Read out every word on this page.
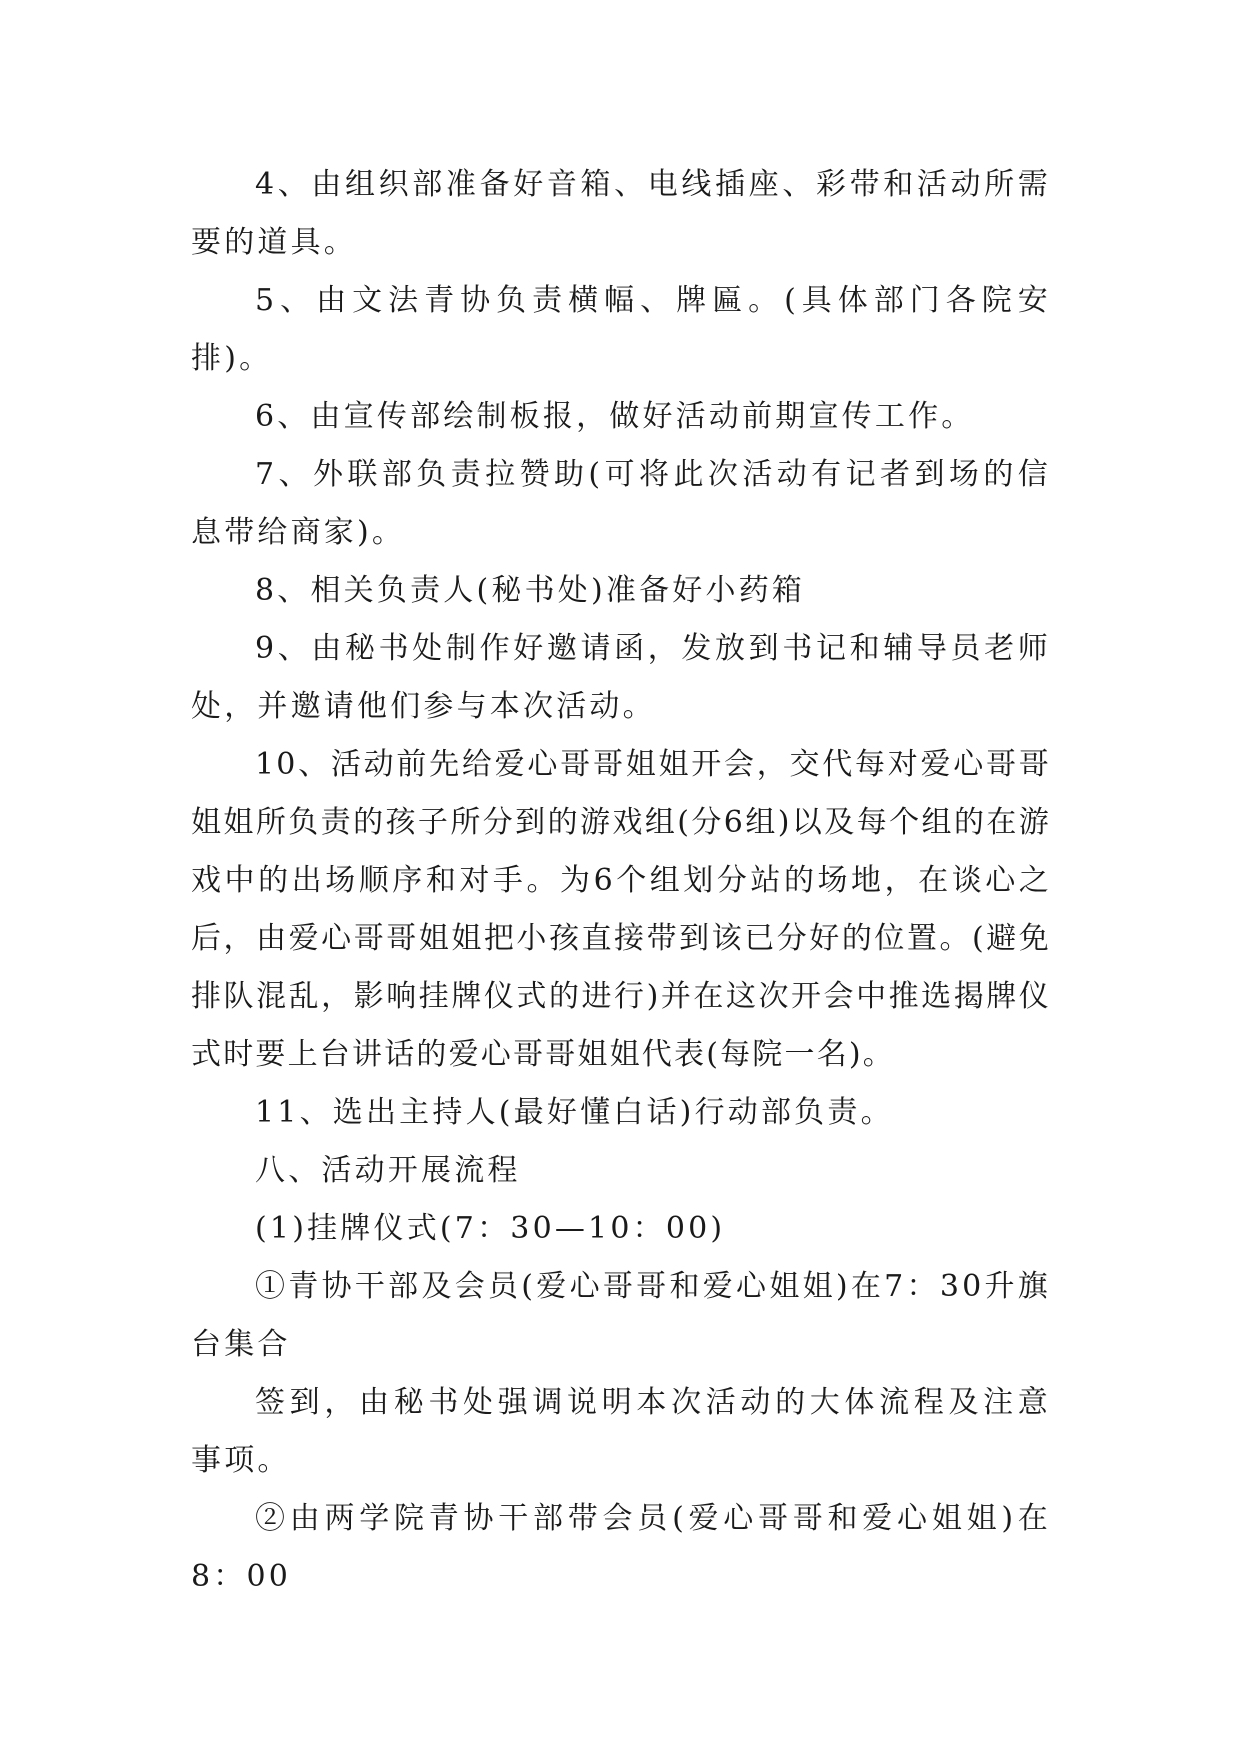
4、由组织部准备好音箱、电线插座、彩带和活动所需要的道具。

5、由文法青协负责横幅、牌匾。(具体部门各院安排)。

6、由宣传部绘制板报，做好活动前期宣传工作。

7、外联部负责拉赞助(可将此次活动有记者到场的信息带给商家)。

8、相关负责人(秘书处)准备好小药箱

9、由秘书处制作好邀请函，发放到书记和辅导员老师处，并邀请他们参与本次活动。

10、活动前先给爱心哥哥姐姐开会，交代每对爱心哥哥姐姐所负责的孩子所分到的游戏组(分6组)以及每个组的在游戏中的出场顺序和对手。为6个组划分站的场地，在谈心之后，由爱心哥哥姐姐把小孩直接带到该已分好的位置。(避免排队混乱，影响挂牌仪式的进行)并在这次开会中推选揭牌仪式时要上台讲话的爱心哥哥姐姐代表(每院一名)。

11、选出主持人(最好懂白话)行动部负责。

八、活动开展流程

(1)挂牌仪式(7：30—10：00)

①青协干部及会员(爱心哥哥和爱心姐姐)在7：30升旗台集合

签到，由秘书处强调说明本次活动的大体流程及注意事项。

②由两学院青协干部带会员(爱心哥哥和爱心姐姐)在8：00
